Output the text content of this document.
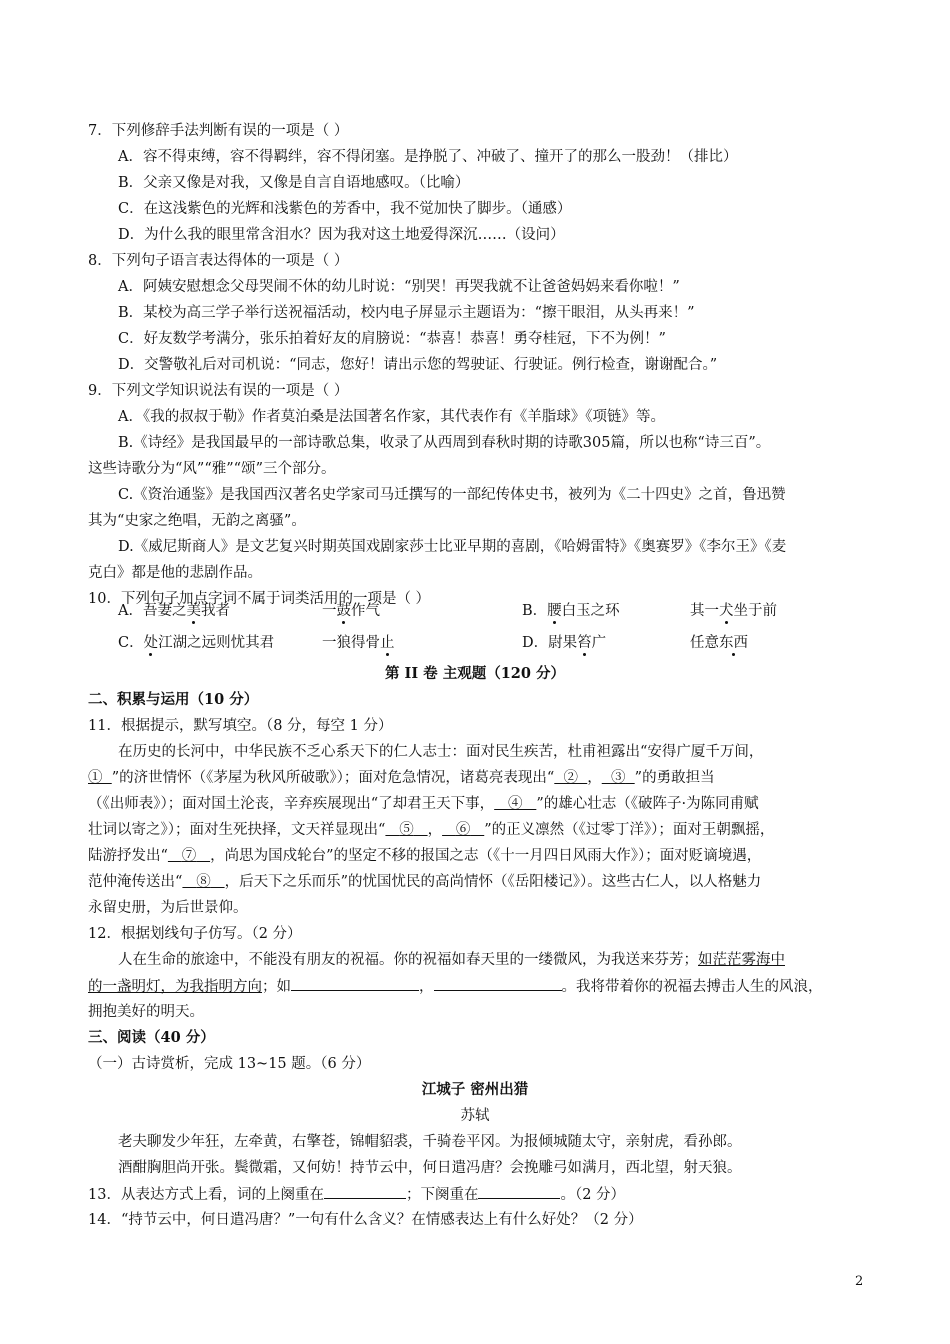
7．下列修辞手法判断有误的一项是（ ）
A．容不得束缚，容不得羁绊，容不得闭塞。是挣脱了、冲破了、撞开了的那么一股劲！（排比）
B．父亲又像是对我，又像是自言自语地感叹。（比喻）
C．在这浅紫色的光辉和浅紫色的芳香中，我不觉加快了脚步。（通感）
D．为什么我的眼里常含泪水？因为我对这土地爱得深沉……（设问）
8．下列句子语言表达得体的一项是（ ）
A．阿姨安慰想念父母哭闹不休的幼儿时说：“别哭！再哭我就不让爸爸妈妈来看你啦！”
B．某校为高三学子举行送祝福活动，校内电子屏显示主题语为：“擦干眼泪，从头再来！”
C．好友数学考满分，张乐拍着好友的肩膀说：“恭喜！恭喜！勇夺桂冠，下不为例！”
D．交警敬礼后对司机说：“同志，您好！请出示您的驾驶证、行驶证。例行检查，谢谢配合。”
9．下列文学知识说法有误的一项是（ ）
A．《我的叔叔于勒》作者莫泊桑是法国著名作家，其代表作有《羊脂球》《项链》等。
B.《诗经》是我国最早的一部诗歌总集，收录了从西周到春秋时期的诗歌305篇，所以也称“诗三百”。
这些诗歌分为“风”“雅”“颂”三个部分。
C.《资治通鉴》是我国西汉著名史学家司马迁撰写的一部纪传体史书，被列为《二十四史》之首，鲁迅赞
其为“史家之绝唱，无韵之离骚”。
D.《威尼斯商人》是文艺复兴时期英国戏剧家莎士比亚早期的喜剧，《哈姆雷特》《奥赛罗》《李尔王》《麦
克白》都是他的悲剧作品。
10．下列句子加点字词不属于词类活用的一项是（ ）
A．吾妻之美我者	一鼓作气	B．腰白玉之环	其一犬坐于前
C．处江湖之远则忧其君	一狼得骨止	D．尉果笞广	任意东西
第 II 卷 主观题（120 分）
二、积累与运用（10 分）
11．根据提示，默写填空。（8 分，每空 1 分）
在历史的长河中，中华民族不乏心系天下的仁人志士：面对民生疾苦，杜甫袒露出“安得广厦千万间，
① ”的济世情怀（《茅屋为秋风所破歌》）；面对危急情况，诸葛亮表现出“ ② ， ③ ”的勇敢担当
（《出师表》）；面对国土沦丧，辛弃疾展现出“了却君王天下事， ④ ”的雄心壮志（《破阵子·为陈同甫赋
壮词以寄之》）；面对生死抉择，文天祥显现出“ ⑤ ， ⑥ ”的正义凛然（《过零丁洋》）；面对王朝飘摇，
陆游抒发出“ ⑦ ，尚思为国戍轮台”的坚定不移的报国之志（《十一月四日风雨大作》）；面对贬谪境遇，
范仲淹传送出“ ⑧ ，后天下之乐而乐”的忧国忧民的高尚情怀（《岳阳楼记》）。这些古仁人，以人格魅力
永留史册，为后世景仰。
12．根据划线句子仿写。（2 分）
人在生命的旅途中，不能没有朋友的祝福。你的祝福如春天里的一缕微风，为我送来芬芳；如茫茫雾海中
的一盏明灯，为我指明方向；如	，	。我将带着你的祝福去搏击人生的风浪，
拥抱美好的明天。
三、阅读（40 分）
（一）古诗赏析，完成 13~15 题。（6 分）
江城子 密州出猎
苏轼
老夫聊发少年狂，左牵黄，右擎苍，锦帽貂裘，千骑卷平冈。为报倾城随太守，亲射虎，看孙郎。
酒酣胸胆尚开张。鬓微霜，又何妨！持节云中，何日遣冯唐？会挽雕弓如满月，西北望，射天狼。
13．从表达方式上看，词的上阕重在	；下阕重在	。（2 分）
14．“持节云中，何日遣冯唐？”一句有什么含义？在情感表达上有什么好处？（2 分）
2
